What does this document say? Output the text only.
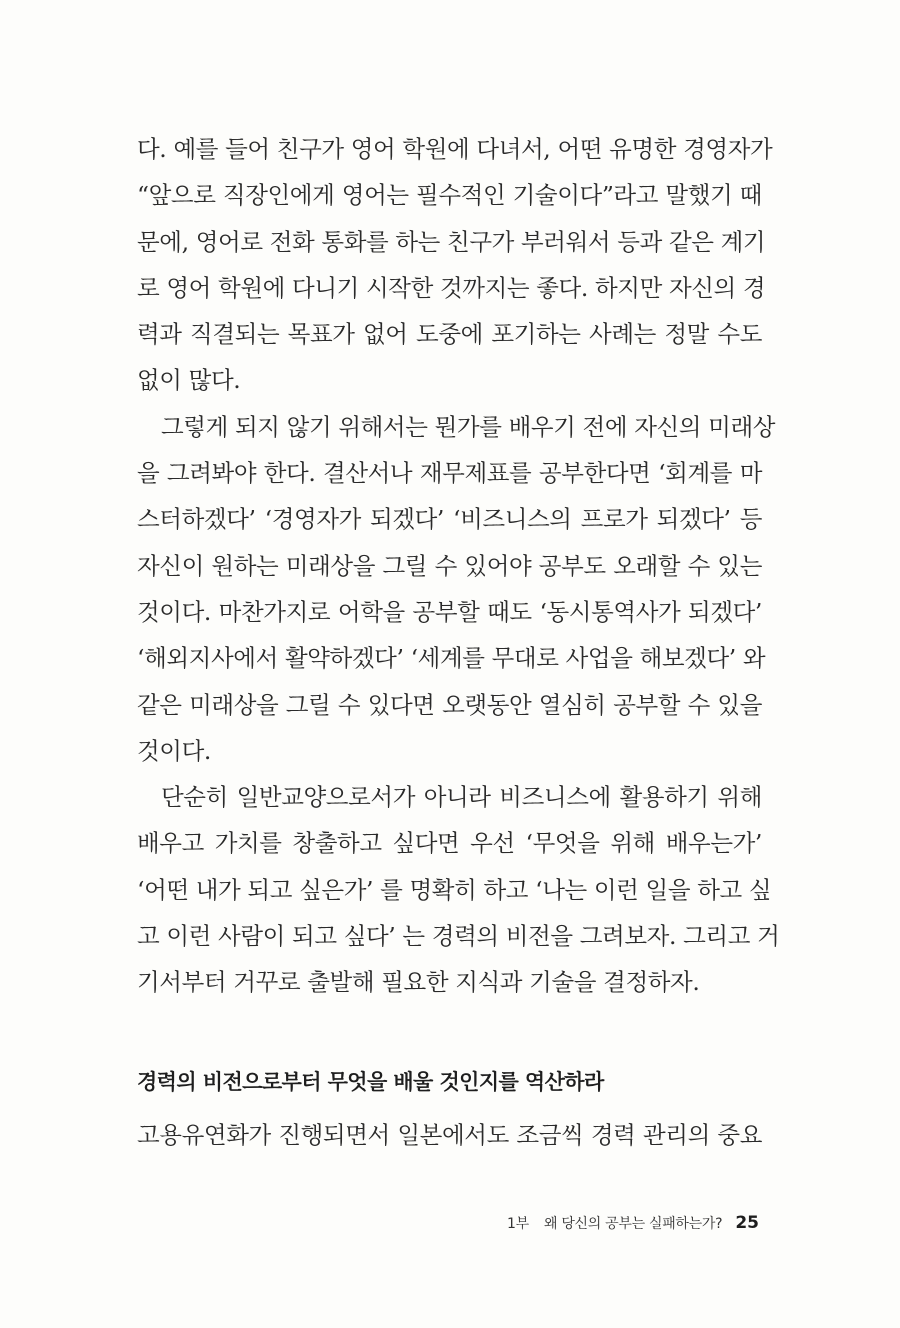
다. 예를 들어 친구가 영어 학원에 다녀서, 어떤 유명한 경영자가
“앞으로 직장인에게 영어는 필수적인 기술이다”라고 말했기 때
문에, 영어로 전화 통화를 하는 친구가 부러워서 등과 같은 계기
로 영어 학원에 다니기 시작한 것까지는 좋다. 하지만 자신의 경
력과 직결되는 목표가 없어 도중에 포기하는 사례는 정말 수도
없이 많다.
그렇게 되지 않기 위해서는 뭔가를 배우기 전에 자신의 미래상
을 그려봐야 한다. 결산서나 재무제표를 공부한다면 ‘회계를 마
스터하겠다’ ‘경영자가 되겠다’ ‘비즈니스의 프로가 되겠다’ 등
자신이 원하는 미래상을 그릴 수 있어야 공부도 오래할 수 있는
것이다. 마찬가지로 어학을 공부할 때도 ‘동시통역사가 되겠다’
‘해외지사에서 활약하겠다’ ‘세계를 무대로 사업을 해보겠다’ 와
같은 미래상을 그릴 수 있다면 오랫동안 열심히 공부할 수 있을
것이다.
단순히 일반교양으로서가 아니라 비즈니스에 활용하기 위해
배우고 가치를 창출하고 싶다면 우선 ‘무엇을 위해 배우는가’
‘어떤 내가 되고 싶은가’ 를 명확히 하고 ‘나는 이런 일을 하고 싶
고 이런 사람이 되고 싶다’ 는 경력의 비전을 그려보자. 그리고 거
기서부터 거꾸로 출발해 필요한 지식과 기술을 결정하자.
경력의 비전으로부터 무엇을 배울 것인지를 역산하라
고용유연화가 진행되면서 일본에서도 조금씩 경력 관리의 중요
1부 왜 당신의 공부는 실패하는가? 25
